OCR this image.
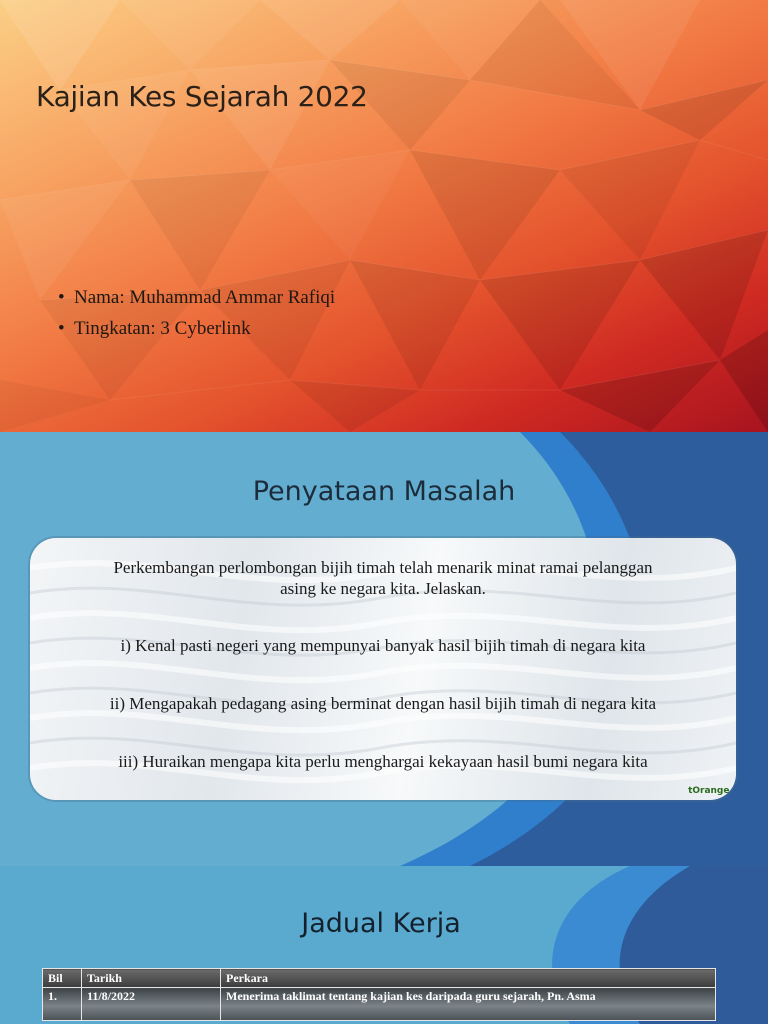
Kajian Kes Sejarah 2022
• Nama: Muhammad Ammar Rafiqi
• Tingkatan: 3 Cyberlink
Penyataan Masalah

Perkembangan perlombongan bijih timah telah menarik minat ramai pelanggan

asing ke negara kita. Jelaskan.

i) Kenal pasti negeri yang mempunyai banyak hasil bijih timah di negara kita

ii) Mengapakah pedagang asing berminat dengan hasil bijih timah di negara kita

iii) Huraikan mengapa kita perlu menghargai kekayaan hasil bumi negara kita

tOrange.i
Jadual Kerja
Bil	Tarikh	Perkara
1.	11/8/2022	Menerima taklimat tentang kajian kes daripada guru sejarah, Pn. Asma
